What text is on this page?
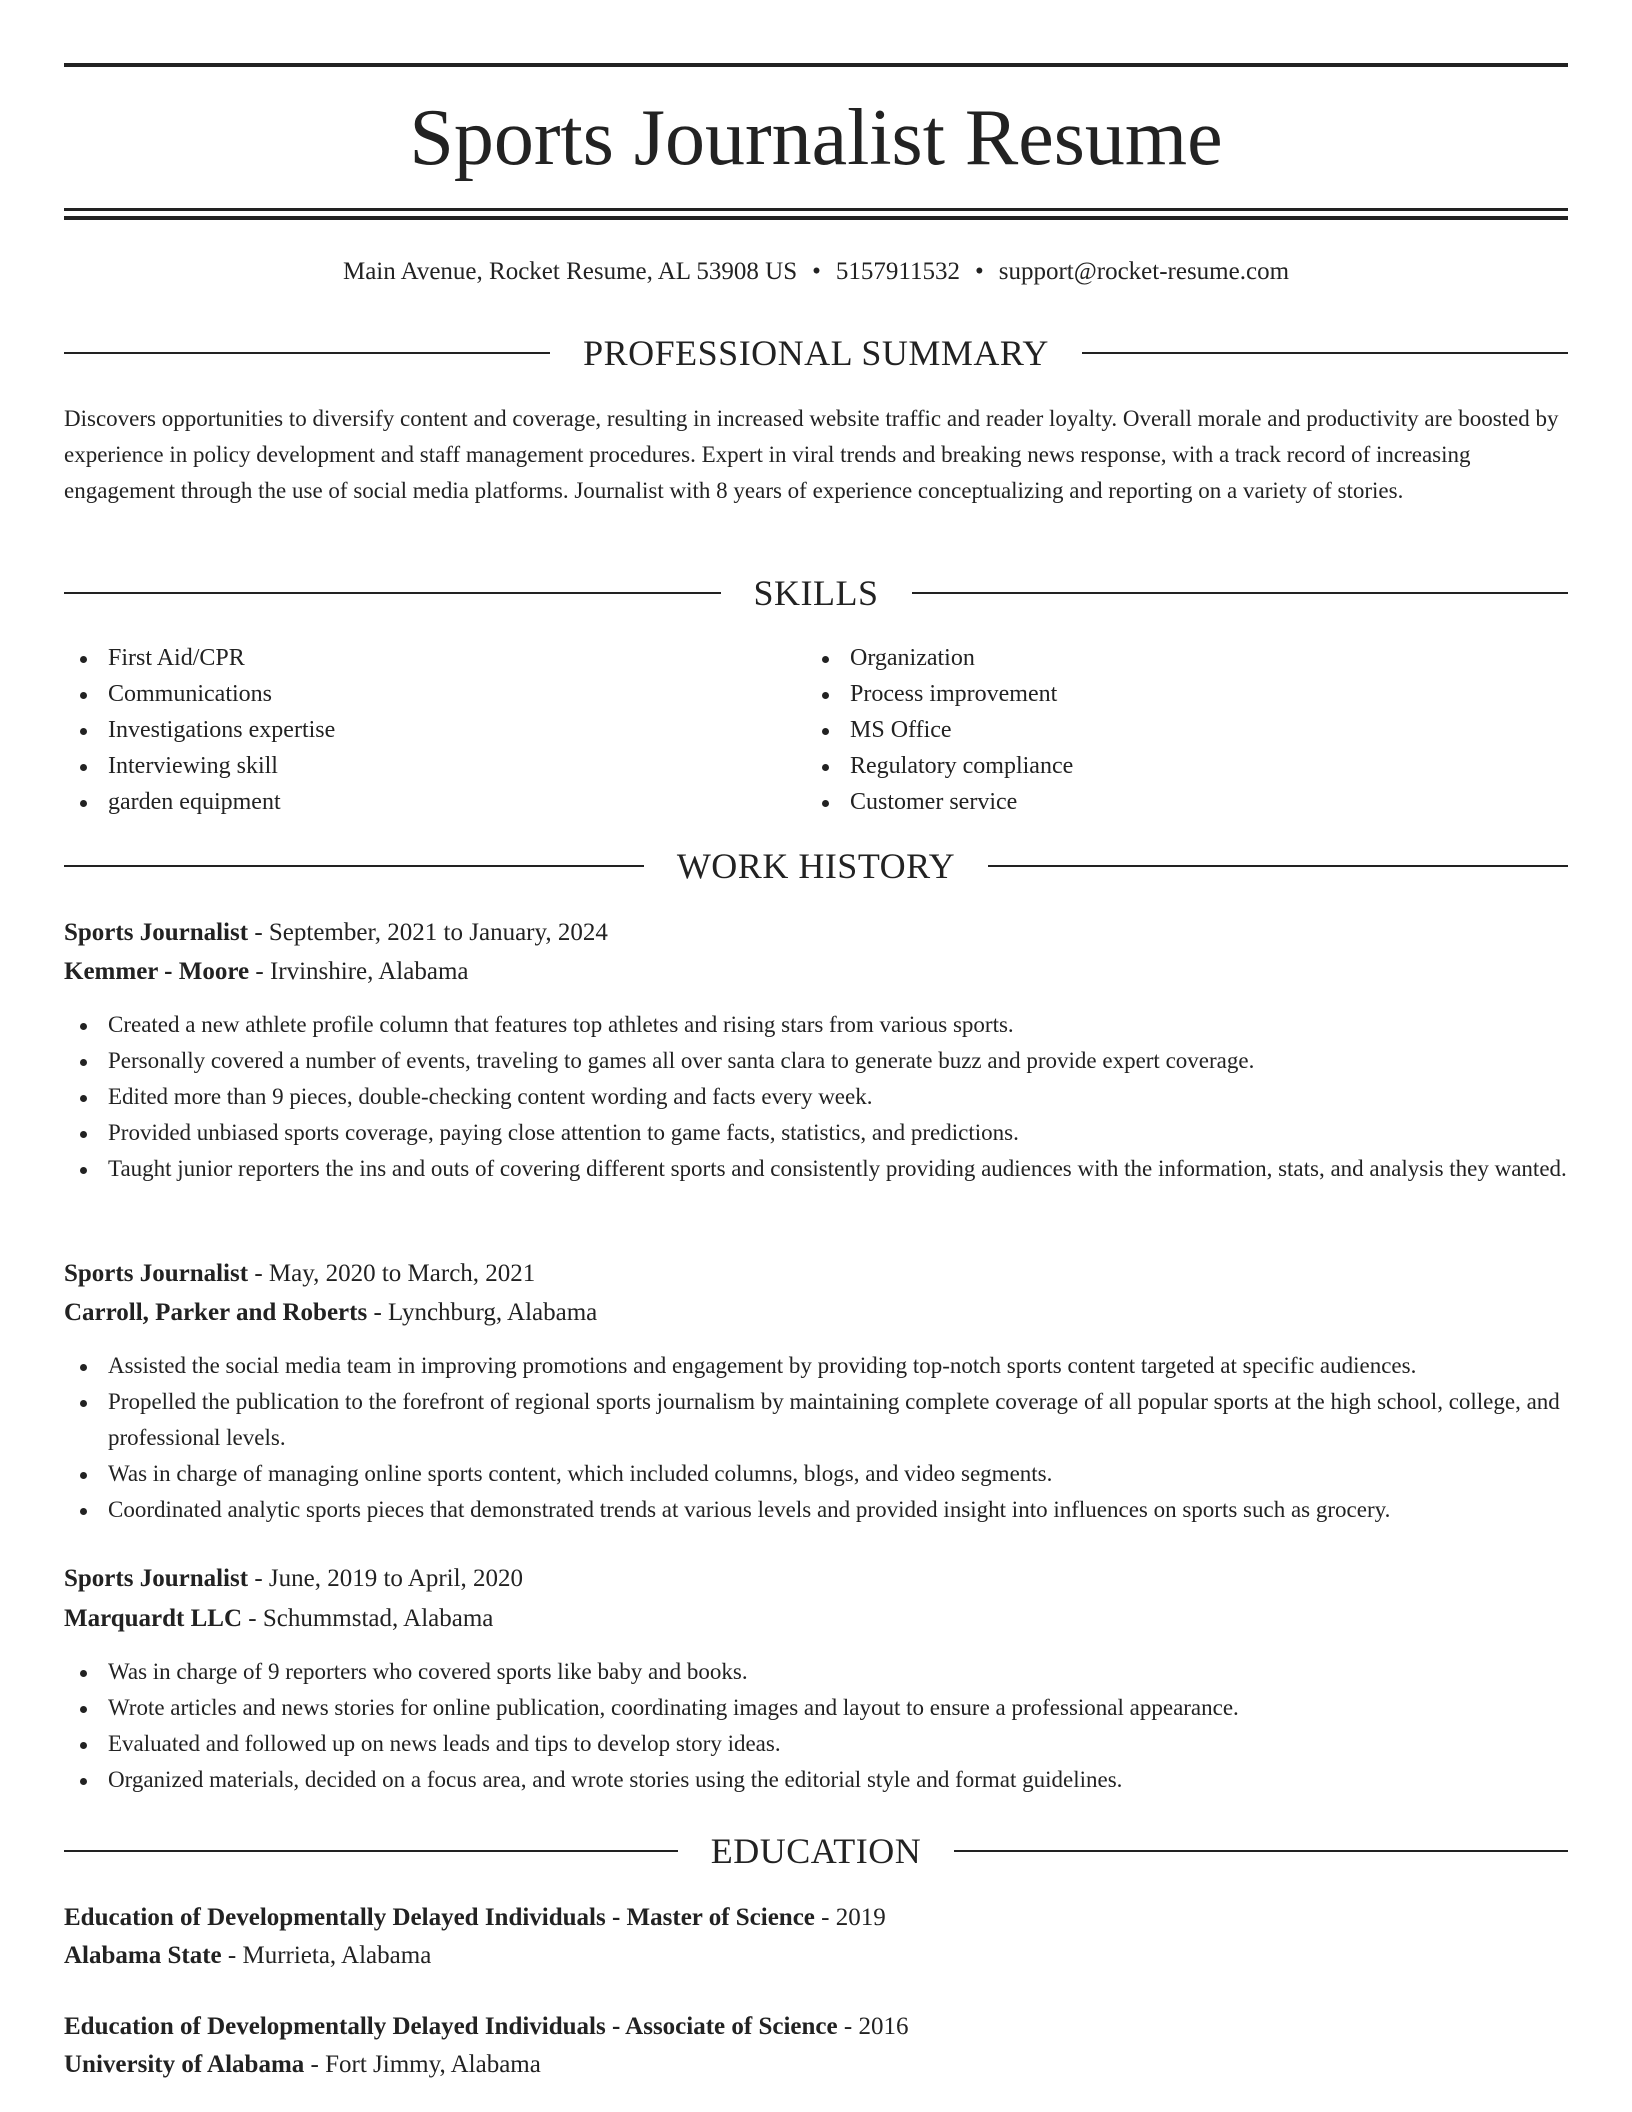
Sports Journalist Resume
Main Avenue, Rocket Resume, AL 53908 US • 5157911532 • support@rocket-resume.com
PROFESSIONAL SUMMARY

Discovers opportunities to diversify content and coverage, resulting in increased website traffic and reader loyalty. Overall morale and productivity are boosted by experience in policy development and staff management procedures. Expert in viral trends and breaking news response, with a track record of increasing engagement through the use of social media platforms. Journalist with 8 years of experience conceptualizing and reporting on a variety of stories.

SKILLS
First Aid/CPR
Communications
Investigations expertise
Interviewing skill
garden equipment
Organization
Process improvement
MS Office
Regulatory compliance
Customer service
WORK HISTORY
Sports Journalist - September, 2021 to January, 2024
Kemmer - Moore - Irvinshire, Alabama
Created a new athlete profile column that features top athletes and rising stars from various sports.
Personally covered a number of events, traveling to games all over santa clara to generate buzz and provide expert coverage.
Edited more than 9 pieces, double-checking content wording and facts every week.
Provided unbiased sports coverage, paying close attention to game facts, statistics, and predictions.
Taught junior reporters the ins and outs of covering different sports and consistently providing audiences with the information, stats, and analysis they wanted.
Sports Journalist - May, 2020 to March, 2021
Carroll, Parker and Roberts - Lynchburg, Alabama
Assisted the social media team in improving promotions and engagement by providing top-notch sports content targeted at specific audiences.
Propelled the publication to the forefront of regional sports journalism by maintaining complete coverage of all popular sports at the high school, college, and professional levels.
Was in charge of managing online sports content, which included columns, blogs, and video segments.
Coordinated analytic sports pieces that demonstrated trends at various levels and provided insight into influences on sports such as grocery.
Sports Journalist - June, 2019 to April, 2020
Marquardt LLC - Schummstad, Alabama
Was in charge of 9 reporters who covered sports like baby and books.
Wrote articles and news stories for online publication, coordinating images and layout to ensure a professional appearance.
Evaluated and followed up on news leads and tips to develop story ideas.
Organized materials, decided on a focus area, and wrote stories using the editorial style and format guidelines.
EDUCATION
Education of Developmentally Delayed Individuals - Master of Science - 2019
Alabama State - Murrieta, Alabama
Education of Developmentally Delayed Individuals - Associate of Science - 2016
University of Alabama - Fort Jimmy, Alabama
